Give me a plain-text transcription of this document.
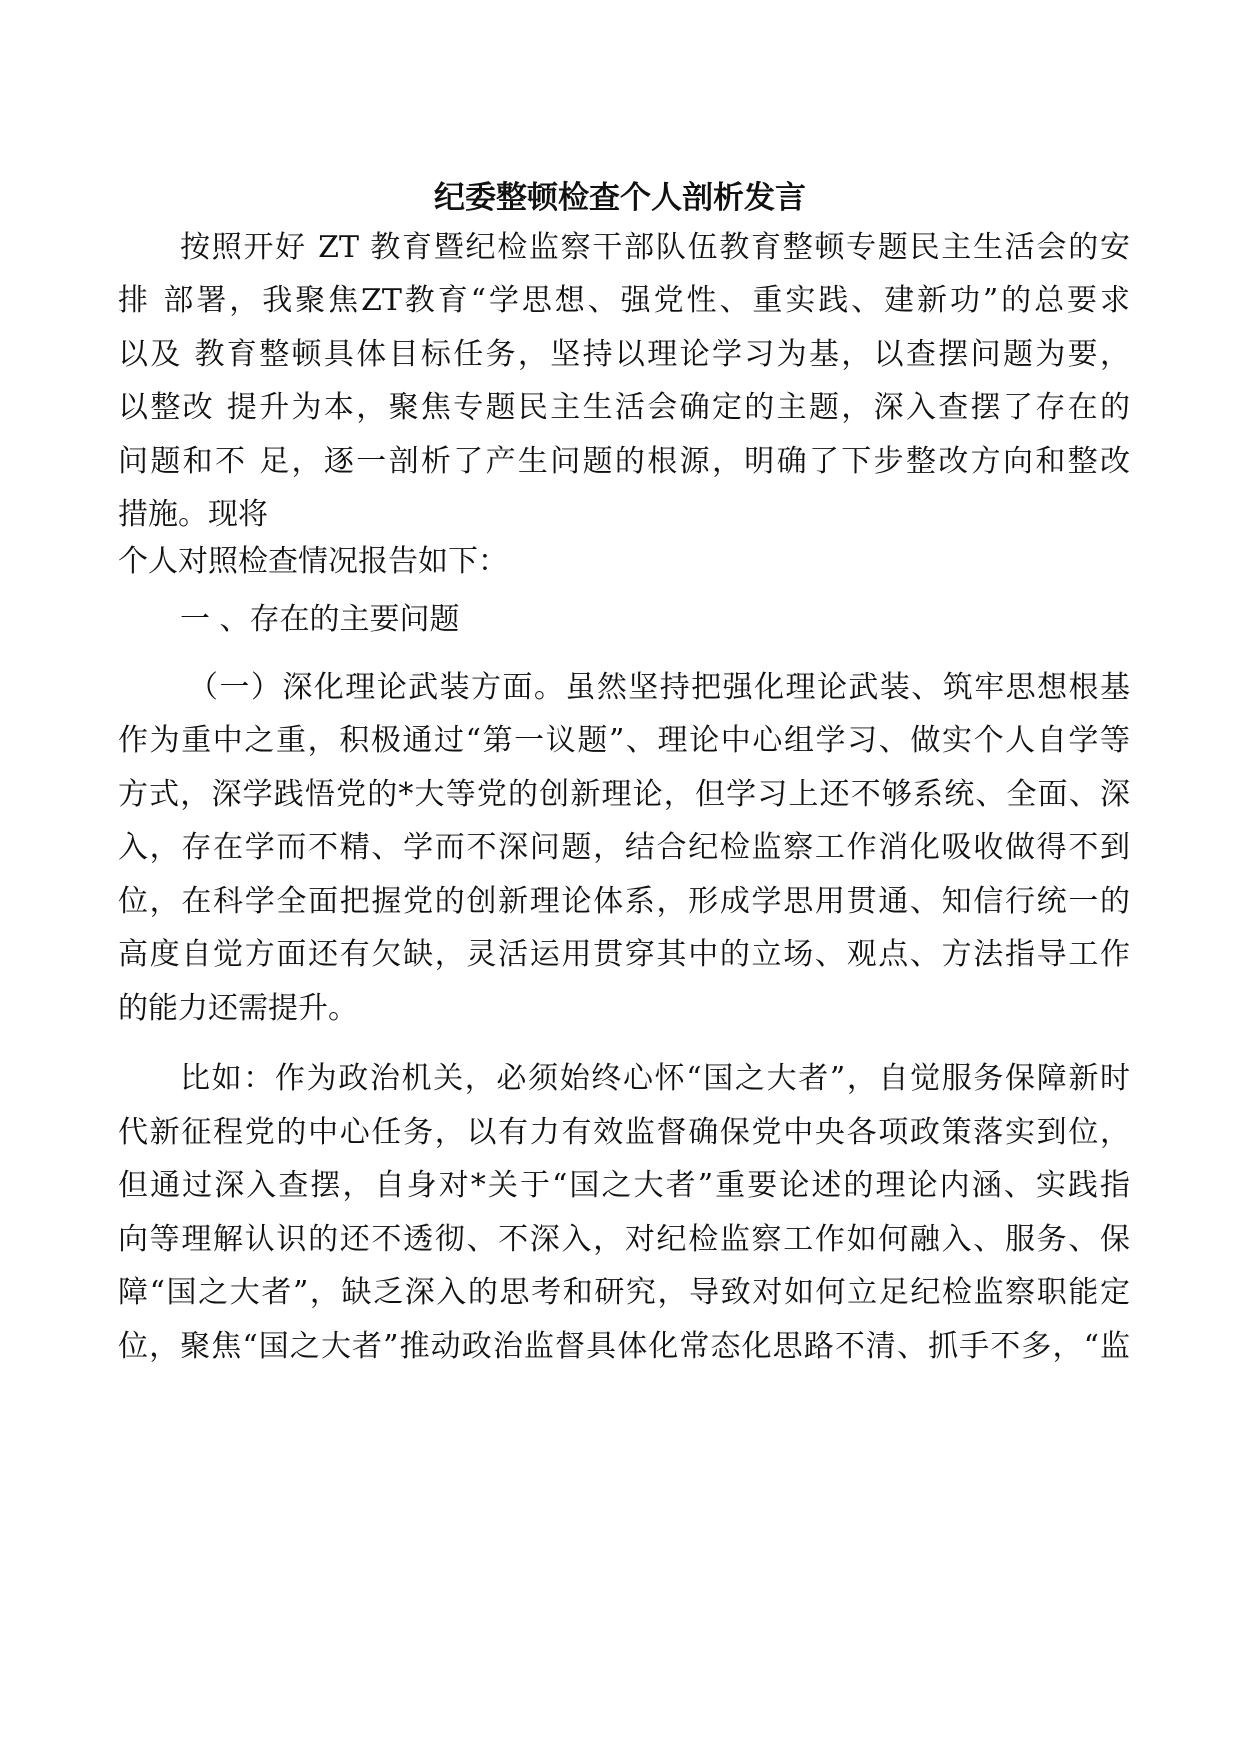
纪委整顿检查个人剖析发言
按照开好 ZT 教育暨纪检监察干部队伍教育整顿专题民主生活会的安
排 部署，我聚焦ZT教育“学思想、强党性、重实践、建新功”的总要求
以及 教育整顿具体目标任务，坚持以理论学习为基，以查摆问题为要，
以整改 提升为本，聚焦专题民主生活会确定的主题，深入查摆了存在的
问题和不 足，逐一剖析了产生问题的根源，明确了下步整改方向和整改
措施。现将
个人对照检查情况报告如下：
一 、存在的主要问题
（一）深化理论武装方面。虽然坚持把强化理论武装、筑牢思想根基
作为重中之重，积极通过“第一议题”、理论中心组学习、做实个人自学等
方式，深学践悟党的*大等党的创新理论，但学习上还不够系统、全面、深
入，存在学而不精、学而不深问题，结合纪检监察工作消化吸收做得不到
位，在科学全面把握党的创新理论体系，形成学思用贯通、知信行统一的
高度自觉方面还有欠缺，灵活运用贯穿其中的立场、观点、方法指导工作
的能力还需提升。
比如：作为政治机关，必须始终心怀“国之大者”，自觉服务保障新时
代新征程党的中心任务，以有力有效监督确保党中央各项政策落实到位，
但通过深入查摆，自身对*关于“国之大者”重要论述的理论内涵、实践指
向等理解认识的还不透彻、不深入，对纪检监察工作如何融入、服务、保
障“国之大者”，缺乏深入的思考和研究，导致对如何立足纪检监察职能定
位，聚焦“国之大者”推动政治监督具体化常态化思路不清、抓手不多，“监
